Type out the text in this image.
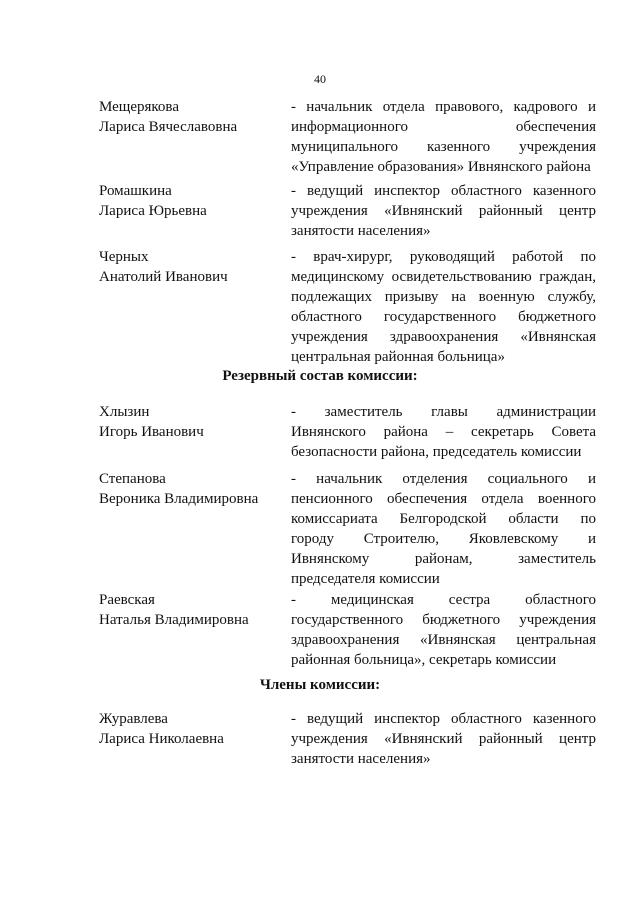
40
Мещерякова
Лариса Вячеславовна
- начальник отдела правового, кадрового и
информационного обеспечения
муниципального казенного учреждения
«Управление образования» Ивнянского района
Ромашкина
Лариса Юрьевна
- ведущий инспектор областного казенного
учреждения «Ивнянский районный центр
занятости населения»
Черных
Анатолий Иванович
- врач-хирург, руководящий работой по
медицинскому освидетельствованию граждан,
подлежащих призыву на военную службу,
областного государственного бюджетного
учреждения здравоохранения «Ивнянская
центральная районная больница»
Резервный состав комиссии:
Хлызин
Игорь Иванович
- заместитель главы администрации
Ивнянского района – секретарь Совета
безопасности района, председатель комиссии
Степанова
Вероника Владимировна
- начальник отделения социального и
пенсионного обеспечения отдела военного
комиссариата Белгородской области по
городу Строителю, Яковлевскому и
Ивнянскому районам, заместитель
председателя комиссии
Раевская
Наталья Владимировна
- медицинская сестра областного
государственного бюджетного учреждения
здравоохранения «Ивнянская центральная
районная больница», секретарь комиссии
Члены комиссии:
Журавлева
Лариса Николаевна
- ведущий инспектор областного казенного
учреждения «Ивнянский районный центр
занятости населения»
